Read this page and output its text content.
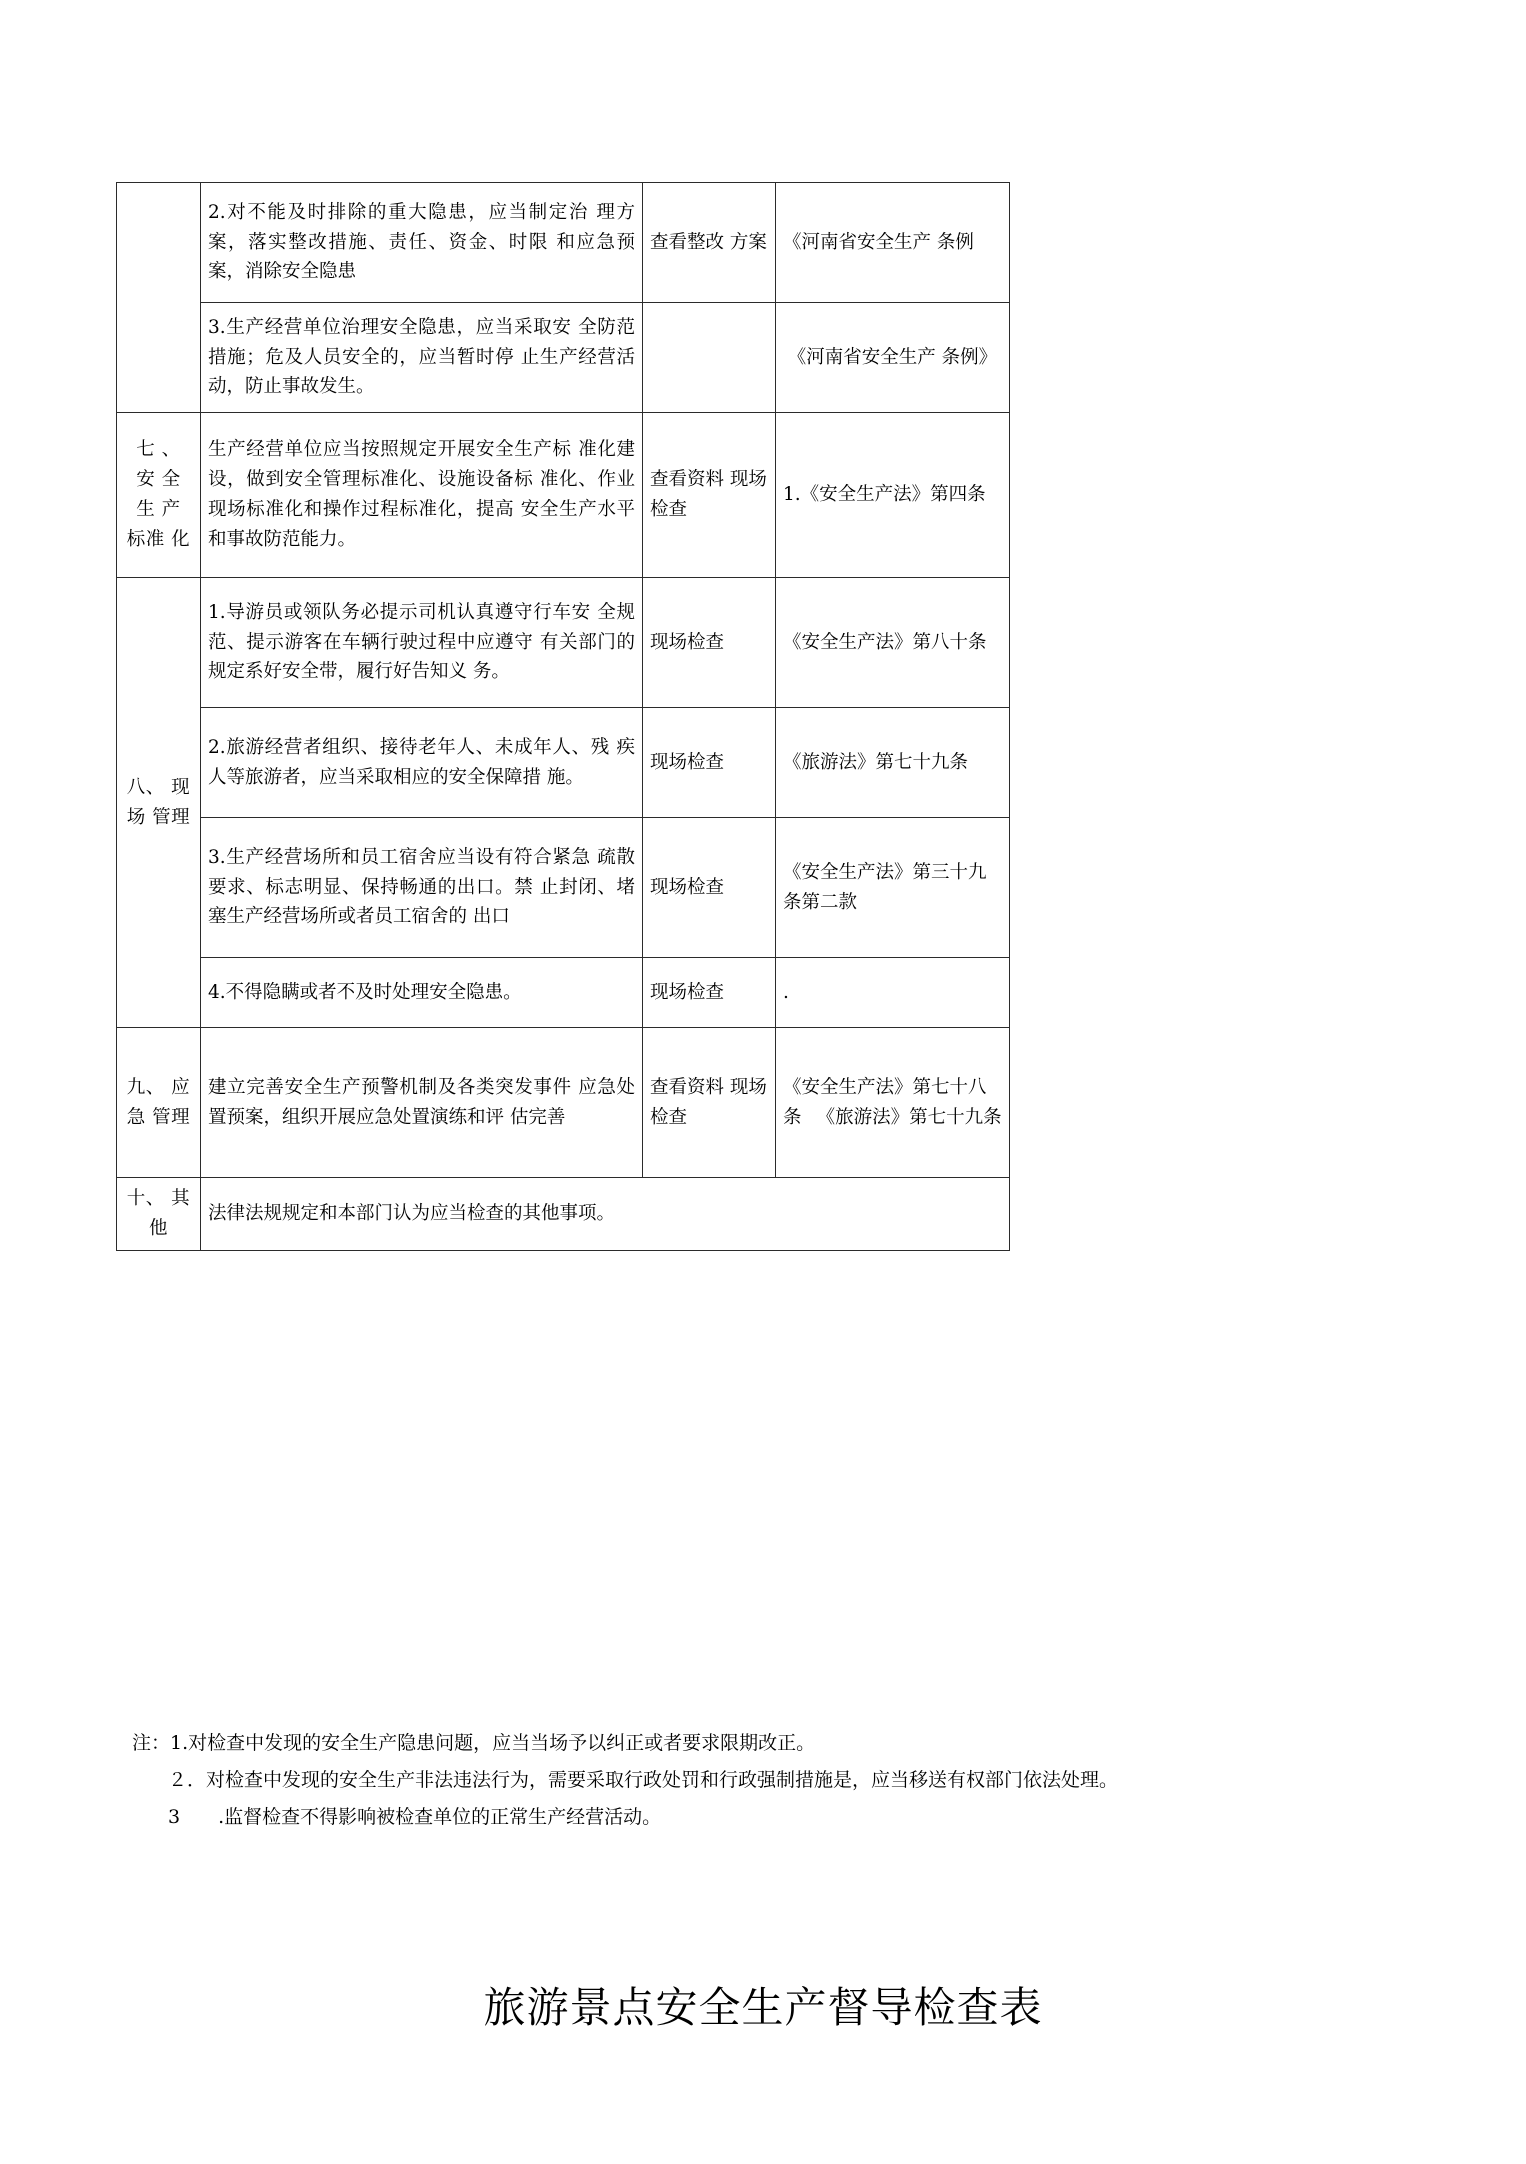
	2.对不能及时排除的重大隐患，应当制定治 理方案，落实整改措施、责任、资金、时限 和应急预案，消除安全隐患	查看整改 方案	《河南省安全生产 条例
	3.生产经营单位治理安全隐患，应当采取安 全防范措施；危及人员安全的，应当暂时停 止生产经营活动，防止事故发生。		《河南省安全生产 条例》
七 、 安 全 生 产 标准 化	生产经营单位应当按照规定开展安全生产标 准化建设，做到安全管理标准化、设施设备标 准化、作业现场标准化和操作过程标准化，提高 安全生产水平和事故防范能力。	查看资料 现场检查	1.《安全生产法》第四条
八、 现场 管理	1.导游员或领队务必提示司机认真遵守行车安 全规范、提示游客在车辆行驶过程中应遵守 有关部门的规定系好安全带，履行好告知义 务。	现场检查	《安全生产法》第八十条
	2.旅游经营者组织、接待老年人、未成年人、残 疾人等旅游者，应当采取相应的安全保障措 施。	现场检查	《旅游法》第七十九条
	3.生产经营场所和员工宿舍应当设有符合紧急 疏散要求、标志明显、保持畅通的出口。禁 止封闭、堵塞生产经营场所或者员工宿舍的 出口	现场检查	《安全生产法》第三十九条第二款
	4.不得隐瞒或者不及时处理安全隐患。	现场检查	.
九、 应急 管理	建立完善安全生产预警机制及各类突发事件 应急处置预案，组织开展应急处置演练和评 估完善	查看资料 现场检查	《安全生产法》第七十八条 　《旅游法》第七十九条
十、 其他	法律法规规定和本部门认为应当检查的其他事项。		
注：1.对检查中发现的安全生产隐患问题，应当当场予以纠正或者要求限期改正。
２．对检查中发现的安全生产非法违法行为，需要采取行政处罚和行政强制措施是，应当移送有权部门依法处理。
3　　.监督检查不得影响被检查单位的正常生产经营活动。
旅游景点安全生产督导检查表
